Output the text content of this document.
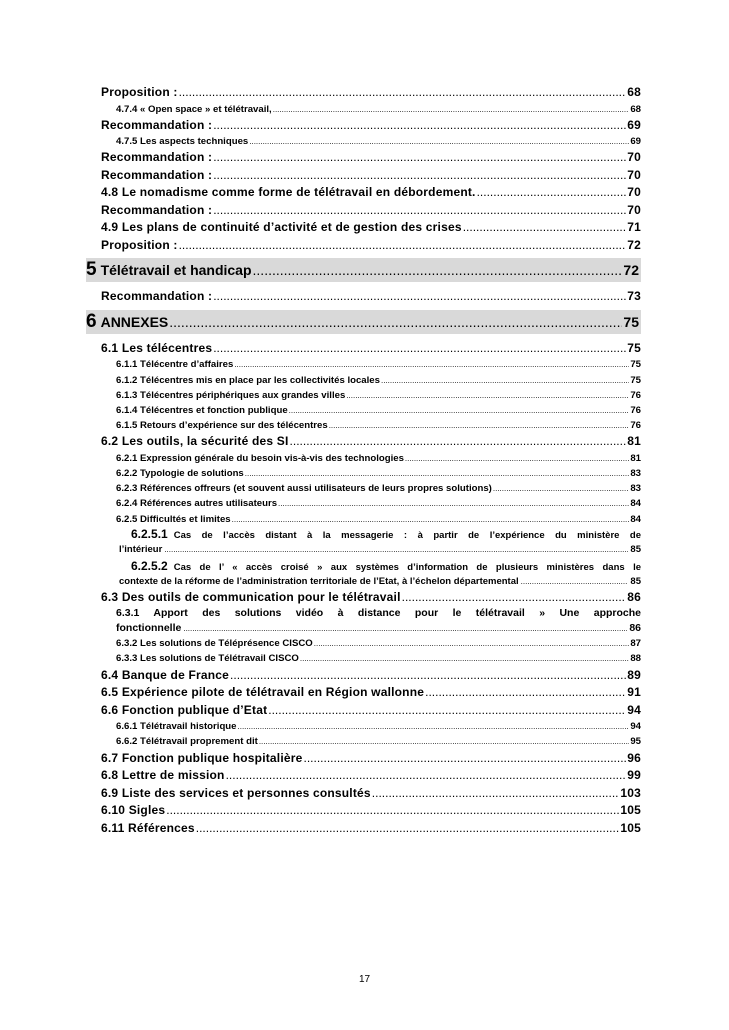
Proposition : .....	68
4.7.4 « Open space » et télétravail, .....	68
Recommandation : .....	69
4.7.5 Les aspects techniques .....	69
Recommandation : .....	70
Recommandation : .....	70
4.8 Le nomadisme comme forme de télétravail en débordement. .....	70
Recommandation : .....	70
4.9 Les plans de continuité d’activité et de gestion des crises .....	71
Proposition : .....	72
5 Télétravail et handicap .....	72
Recommandation : .....	73
6 ANNEXES .....	75
6.1 Les télécentres .....	75
6.1.1 Télécentre d’affaires .....	75
6.1.2 Télécentres mis en place par les collectivités locales .....	75
6.1.3 Télécentres périphériques aux grandes villes .....	76
6.1.4 Télécentres et fonction publique .....	76
6.1.5 Retours d’expérience sur des télécentres .....	76
6.2 Les outils, la sécurité des SI .....	81
6.2.1 Expression générale du besoin vis-à-vis des technologies .....	81
6.2.2 Typologie de solutions .....	83
6.2.3 Références offreurs (et souvent aussi utilisateurs de leurs propres solutions) .....	83
6.2.4 Références autres utilisateurs .....	84
6.2.5 Difficultés et limites .....	84
6.2.5.1 Cas de l’accès distant à la messagerie : à partir de l’expérience du ministère de
l’intérieur .....	85
6.2.5.2 Cas de l’ « accès croisé » aux systèmes d’information de plusieurs ministères dans le
contexte de la réforme de l’administration territoriale de l’Etat, à l’échelon départemental .....	85
6.3 Des outils de communication pour le télétravail .....	86
6.3.1 Apport des solutions vidéo à distance pour le télétravail » Une approche
fonctionnelle .....	86
6.3.2 Les solutions de Téléprésence CISCO .....	87
6.3.3 Les solutions de Télétravail CISCO .....	88
6.4 Banque de France .....	89
6.5 Expérience pilote de télétravail en Région wallonne .....	91
6.6 Fonction publique d’Etat .....	94
6.6.1 Télétravail historique .....	94
6.6.2 Télétravail proprement dit .....	95
6.7 Fonction publique hospitalière .....	96
6.8 Lettre de mission .....	99
6.9 Liste des services et personnes consultés .....	103
6.10 Sigles .....	105
6.11 Références .....	105
17
